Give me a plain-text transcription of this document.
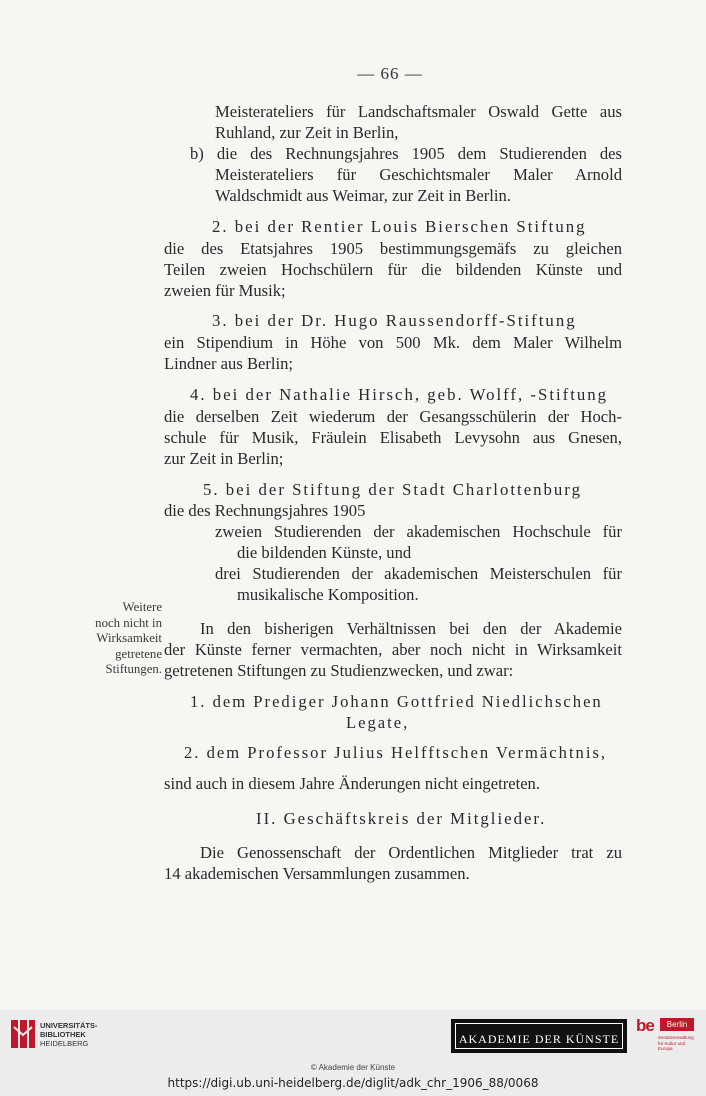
— 66 —
Meisterateliers für Landschaftsmaler Oswald Gette aus
Ruhland, zur Zeit in Berlin,
b) die des Rechnungsjahres 1905 dem Studierenden des
Meisterateliers für Geschichtsmaler Maler Arnold
Waldschmidt aus Weimar, zur Zeit in Berlin.
2. bei der Rentier Louis Bierschen Stiftung
die des Etatsjahres 1905 bestimmungsgemäfs zu gleichen
Teilen zweien Hochschülern für die bildenden Künste und
zweien für Musik;
3. bei der Dr. Hugo Raussendorff-Stiftung
ein Stipendium in Höhe von 500 Mk. dem Maler Wilhelm
Lindner aus Berlin;
4. bei der Nathalie Hirsch, geb. Wolff, -Stiftung
die derselben Zeit wiederum der Gesangsschülerin der Hoch-
schule für Musik, Fräulein Elisabeth Levysohn aus Gnesen,
zur Zeit in Berlin;
5. bei der Stiftung der Stadt Charlottenburg
die des Rechnungsjahres 1905
zweien Studierenden der akademischen Hochschule für
die bildenden Künste, und
drei Studierenden der akademischen Meisterschulen für
musikalische Komposition.
Weitere
noch nicht in
Wirksamkeit
getretene
Stiftungen.
In den bisherigen Verhältnissen bei den der Akademie
der Künste ferner vermachten, aber noch nicht in Wirksamkeit
getretenen Stiftungen zu Studienzwecken, und zwar:
1. dem Prediger Johann Gottfried Niedlichschen
Legate,
2. dem Professor Julius Helfftschen Vermächtnis,
sind auch in diesem Jahre Änderungen nicht eingetreten.
II. Geschäftskreis der Mitglieder.
Die Genossenschaft der Ordentlichen Mitglieder trat zu
14 akademischen Versammlungen zusammen.
UNIVERSITÄTS-
BIBLIOTHEK
HEIDELBERG	AKADEMIE DER KÜNSTE
be	Berlin
Senatsverwaltung für Kultur und Europa
© Akademie der Künste
https://digi.ub.uni-heidelberg.de/diglit/adk_chr_1906_88/0068
